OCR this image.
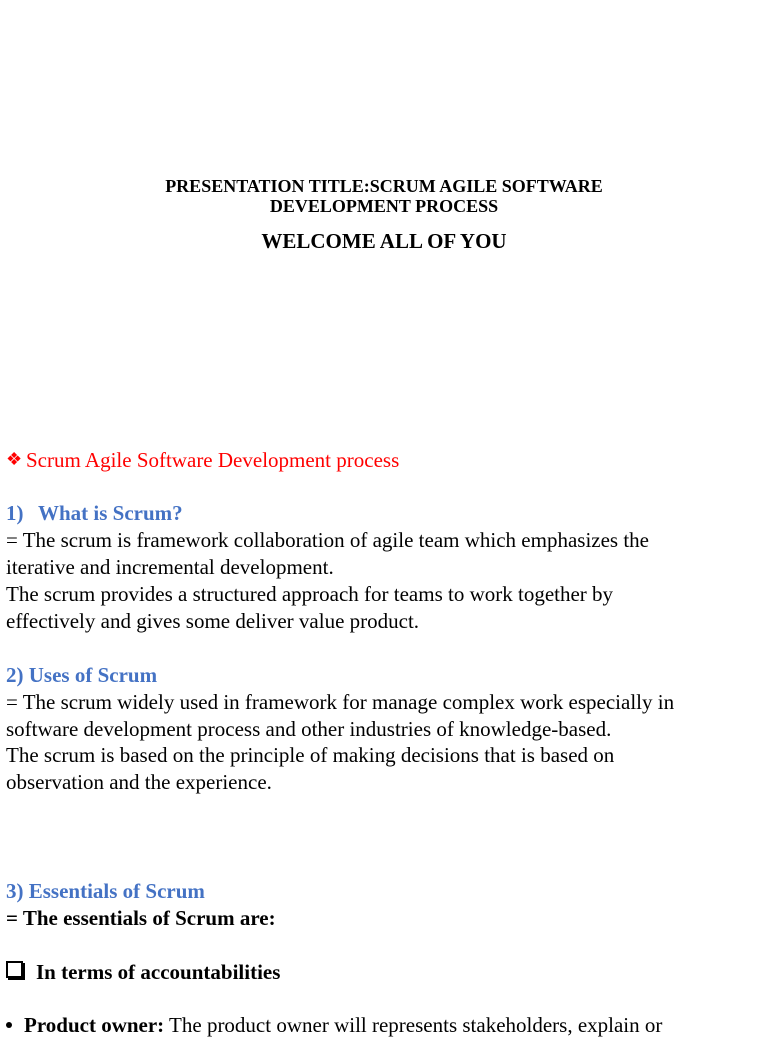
PRESENTATION TITLE:SCRUM AGILE SOFTWARE

DEVELOPMENT PROCESS

WELCOME ALL OF YOU
❖ Scrum Agile Software Development process
1) What is Scrum?
= The scrum is framework collaboration of agile team which emphasizes the
iterative and incremental development.
The scrum provides a structured approach for teams to work together by
effectively and gives some deliver value product.
2) Uses of Scrum
= The scrum widely used in framework for manage complex work especially in
software development process and other industries of knowledge-based.
The scrum is based on the principle of making decisions that is based on
observation and the experience.
3) Essentials of Scrum
= The essentials of Scrum are:
In terms of accountabilities
Product owner: The product owner will represents stakeholders, explain or
